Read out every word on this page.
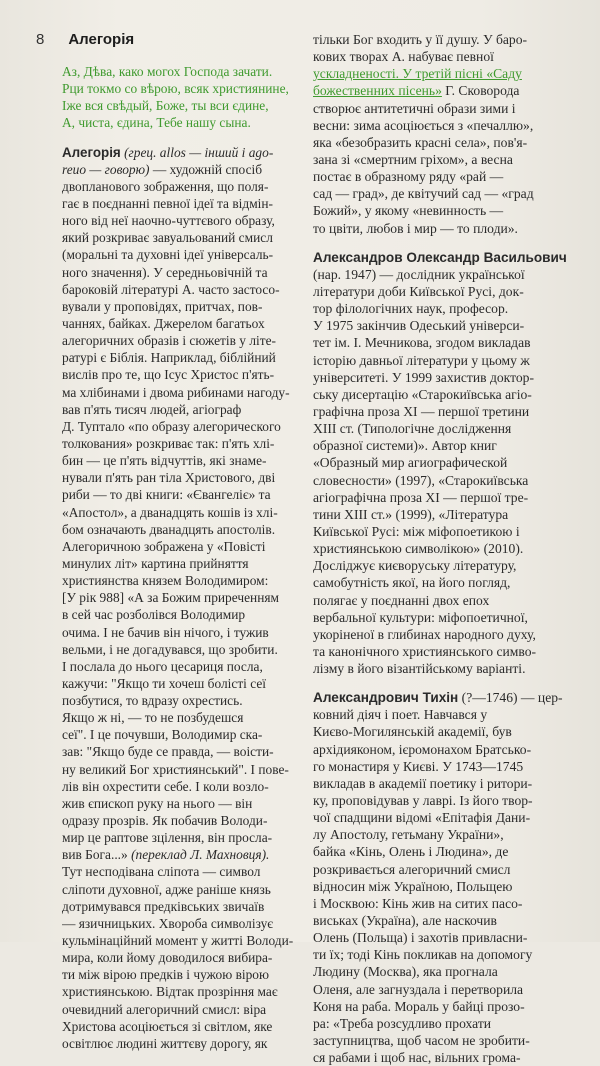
8 Алегорія
Аз, Дѣва, како могох Господа зачати.
Рци токмо со вѣрою, всяк християнине,
Іже вся свѣдый, Боже, ты вси єдине,
А, чиста, єдина, Тебе нашу сына.
Алегорія (грец. allos — інший і ago-
reuo — говорю) — художній спосіб
двопланового зображення, що поля-
гає в поєднанні певної ідеї та відмін-
ного від неї наочно-чуттєвого образу,
який розкриває завуальований смисл
(моральні та духовні ідеї універсаль-
ного значення). У середньовічній та
бароковій літературі А. часто застосо-
вували у проповідях, притчах, пов-
чаннях, байках. Джерелом багатьох
алегоричних образів і сюжетів у літе-
ратурі є Біблія. Наприклад, біблійний
вислів про те, що Ісус Христос п'ять-
ма хлібинами і двома рибинами нагоду-
вав п'ять тисяч людей, агіограф
Д. Туптало «по образу алегорического
толкования» розкриває так: п'ять хлі-
бин — це п'ять відчуттів, які знаме-
нували п'ять ран тіла Христового, дві
риби — то дві книги: «Євангеліє» та
«Апостол», а дванадцять кошів із хлі-
бом означають дванадцять апостолів.
Алегоричною зображена у «Повісті
минулих літ» картина прийняття
християнства князем Володимиром:
[У рік 988] «А за Божим приреченням
в сей час розболівся Володимир
очима. І не бачив він нічого, і тужив
вельми, і не догадувався, що зробити.
І послала до нього цесариця посла,
кажучи: "Якщо ти хочеш болісті сеї
позбутися, то вдразу охрестись.
Якщо ж ні, — то не позбудешся
сеї". І це почувши, Володимир ска-
зав: "Якщо буде се правда, — воісти-
ну великий Бог християнський". І пове-
лів він охрестити себе. І коли возло-
жив єпископ руку на нього — він
одразу прозрів. Як побачив Володи-
мир це раптове зцілення, він просла-
вив Бога...» (переклад Л. Махновця).
Тут несподівана сліпота — символ
сліпоти духовної, адже раніше князь
дотримувався предківських звичаїв
— язичницьких. Хвороба символізує
кульмінаційний момент у житті Володи-
мира, коли йому доводилося вибира-
ти між вірою предків і чужою вірою
християнською. Відтак прозріння має
очевидний алегоричний смисл: віра
Христова асоціюється зі світлом, яке
освітлює людині життєву дорогу, як
тільки Бог входить у її душу. У баро-
кових творах А. набуває певної
ускладненості. У третій пісні «Саду
божественних пісень» Г. Сковорода
створює антитетичні образи зими і
весни: зима асоціюється з «печаллю»,
яка «безобразить красні села», пов'я-
зана зі «смертним гріхом», а весна
постає в образному ряду «рай —
сад — град», де квітучий сад — «град
Божий», у якому «невинность —
то цвіти, любов і мир — то плоди».
Александров Олександр Васильович
(нар. 1947) — дослідник української
літератури доби Київської Русі, док-
тор філологічних наук, професор.
У 1975 закінчив Одеський універси-
тет ім. І. Мечникова, згодом викладав
історію давньої літератури у цьому ж
університеті. У 1999 захистив доктор-
ську дисертацію «Старокиївська агіо-
графічна проза XI — першої третини
XIII ст. (Типологічне дослідження
образної системи)». Автор книг
«Образный мир агиографической
словесности» (1997), «Старокиївська
агіографічна проза XI — першої тре-
тини XIII ст.» (1999), «Література
Київської Русі: між міфопоетикою і
християнською символікою» (2010).
Досліджує києворуську літературу,
самобутність якої, на його погляд,
полягає у поєднанні двох епох
вербальної культури: міфопоетичної,
укоріненої в глибинах народного духу,
та канонічного християнського симво-
лізму в його візантійському варіанті.
Александрович Тихін (?—1746) — цер-
ковний діяч і поет. Навчався у
Києво-Могилянській академії, був
архідияконом, ієромонахом Братсько-
го монастиря у Києві. У 1743—1745
викладав в академії поетику і ритори-
ку, проповідував у лаврі. Із його твор-
чої спадщини відомі «Епітафія Дани-
лу Апостолу, гетьману України»,
байка «Кінь, Олень і Людина», де
розкривається алегоричний смисл
відносин між Україною, Польщею
і Москвою: Кінь жив на ситих пасо-
виськах (Україна), але наскочив
Олень (Польща) і захотів привласни-
ти їх; тоді Кінь покликав на допомогу
Людину (Москва), яка прогнала
Оленя, але загнуздала і перетворила
Коня на раба. Мораль у байці прозо-
ра: «Треба розсудливо прохати
заступництва, щоб часом не зробити-
ся рабами і щоб нас, вільних грома-
